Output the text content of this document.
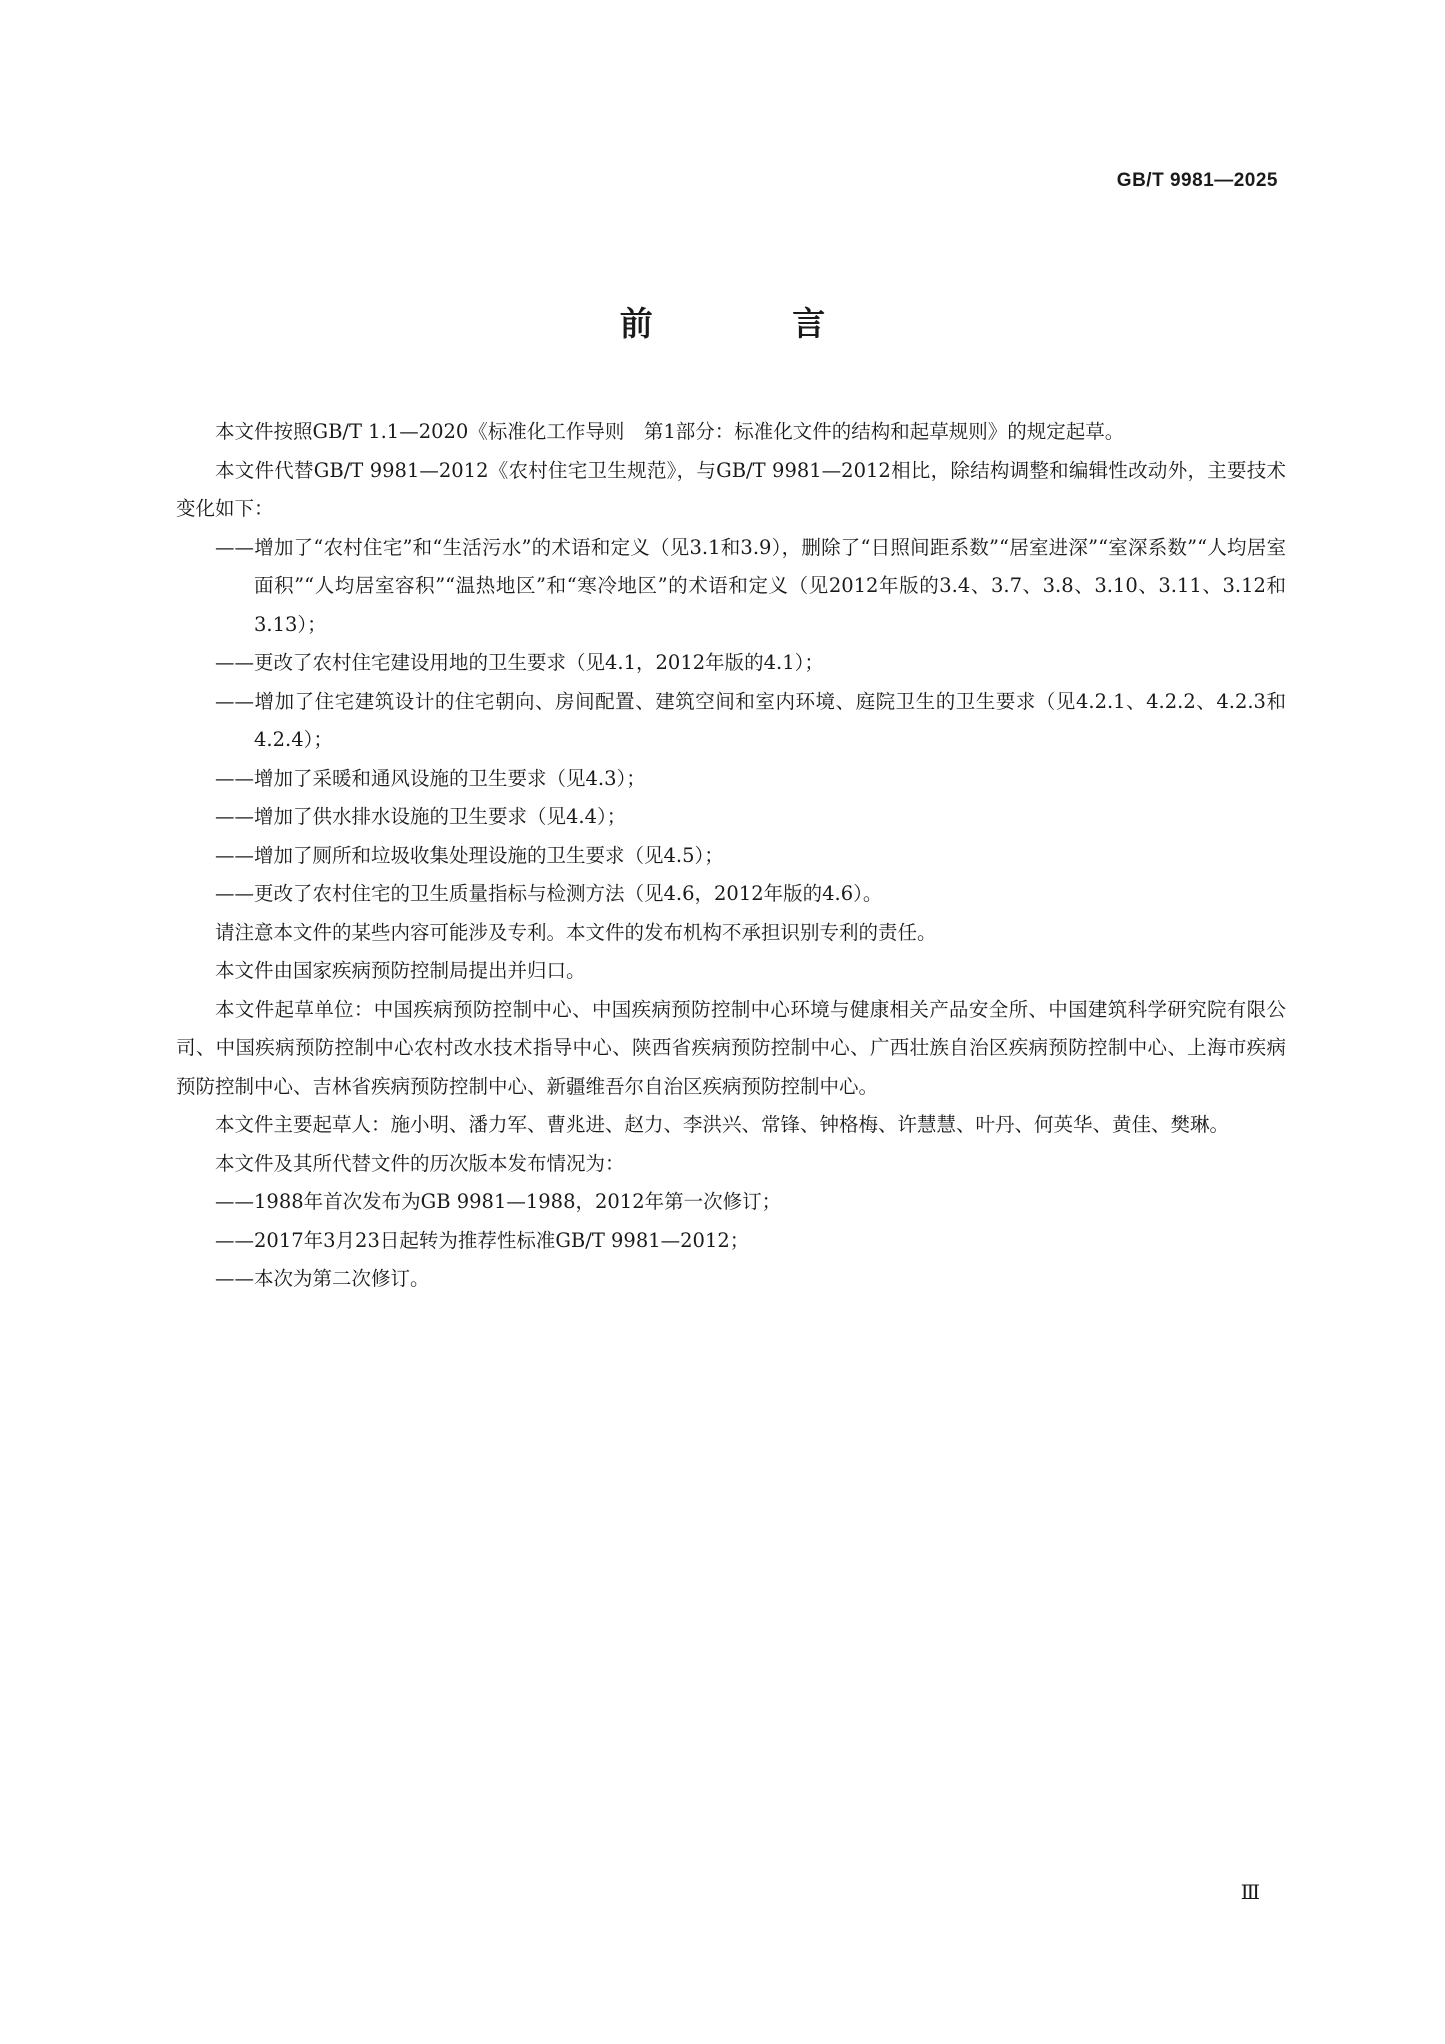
GB/T 9981—2025
前 言

本文件按照GB/T 1.1—2020《标准化工作导则　第1部分：标准化文件的结构和起草规则》的规定起草。

本文件代替GB/T 9981—2012《农村住宅卫生规范》，与GB/T 9981—2012相比，除结构调整和编辑性改动外，主要技术变化如下：

——增加了“农村住宅”和“生活污水”的术语和定义（见3.1和3.9），删除了“日照间距系数”“居室进深”“室深系数”“人均居室面积”“人均居室容积”“温热地区”和“寒冷地区”的术语和定义（见2012年版的3.4、3.7、3.8、3.10、3.11、3.12和3.13）；

——更改了农村住宅建设用地的卫生要求（见4.1，2012年版的4.1）；

——增加了住宅建筑设计的住宅朝向、房间配置、建筑空间和室内环境、庭院卫生的卫生要求（见4.2.1、4.2.2、4.2.3和4.2.4）；

——增加了采暖和通风设施的卫生要求（见4.3）；

——增加了供水排水设施的卫生要求（见4.4）；

——增加了厕所和垃圾收集处理设施的卫生要求（见4.5）；

——更改了农村住宅的卫生质量指标与检测方法（见4.6，2012年版的4.6）。

请注意本文件的某些内容可能涉及专利。本文件的发布机构不承担识别专利的责任。

本文件由国家疾病预防控制局提出并归口。

本文件起草单位：中国疾病预防控制中心、中国疾病预防控制中心环境与健康相关产品安全所、中国建筑科学研究院有限公司、中国疾病预防控制中心农村改水技术指导中心、陕西省疾病预防控制中心、广西壮族自治区疾病预防控制中心、上海市疾病预防控制中心、吉林省疾病预防控制中心、新疆维吾尔自治区疾病预防控制中心。

本文件主要起草人：施小明、潘力军、曹兆进、赵力、李洪兴、常锋、钟格梅、许慧慧、叶丹、何英华、黄佳、樊琳。

本文件及其所代替文件的历次版本发布情况为：

——1988年首次发布为GB 9981—1988，2012年第一次修订；

——2017年3月23日起转为推荐性标准GB/T 9981—2012；

——本次为第二次修订。

Ⅲ
